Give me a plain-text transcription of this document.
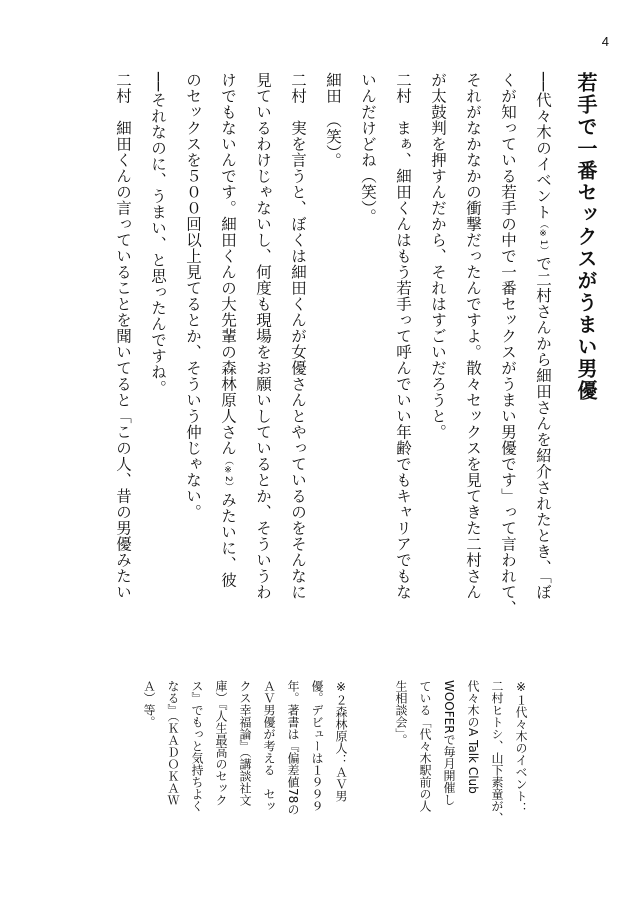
4
若手で一番セックスがうまい男優
──代々木のイベント（※1）で二村さんから細田さんを紹介されたとき、「ぼ
くが知っている若手の中で一番セックスがうまい男優です」って言われて、
それがなかなかの衝撃だったんですよ。散々セックスを見てきた二村さん
が太鼓判を押すんだから、それはすごいだろうと。
二村　まぁ、細田くんはもう若手って呼んでいい年齢でもキャリアでもな
いんだけどね（笑）。
細田　（笑）。
二村　実を言うと、ぼくは細田くんが女優さんとやっているのをそんなに
見ているわけじゃないし、何度も現場をお願いしているとか、そういうわ
けでもないんです。細田くんの大先輩の森林原人さん（※2）みたいに、彼
のセックスを５００回以上見てるとか、そういう仲じゃない。
──それなのに、うまい、と思ったんですね。
二村　細田くんの言っていることを聞いてると「この人、昔の男優みたい
※１代々木のイベント：
二村ヒトシ、山下素童が、
代々木のA Talk Club
WOOFERで毎月開催し
ている「代々木駅前の人
生相談会」。
※２森林原人：ＡＶ男
優。デビューは１９９９
年。著書は『偏差値78の
ＡＶ男優が考える　セッ
クス幸福論』（講談社文
庫）『人生最高のセック
ス』でもっと気持ちよく
なる』（ＫＡＤＯＫＡＷ
Ａ）等。
